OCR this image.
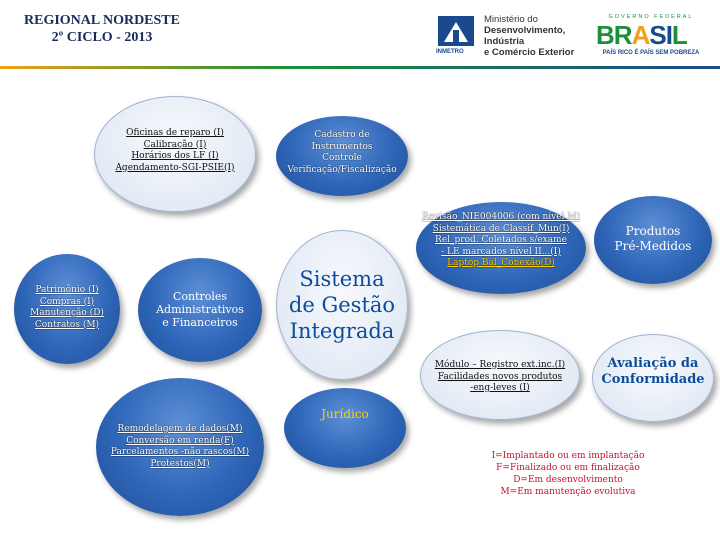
REGIONAL NORDESTE
2º CICLO - 2013
INMETRO
Ministério do
Desenvolvimento, Indústria
e Comércio Exterior
GOVERNO FEDERAL
BRASIL
PAÍS RICO É PAÍS SEM POBREZA
Oficinas de reparo (I)
Calibração (I)
Horários dos LF (I)
Agendamento-SGI-PSIE(I)
Cadastro de
Instrumentos
Controle
Verificação/Fiscalização
Revisão_NIE004006 (com nível M)
Sistemática de Classif_Mun(I)
Rel_prod. Coletados s/exame
- LE marcados nível II...(I)
Laptop Bal_Conexão(D)
Produtos
Pré-Medidos
Patrimônio (I)
Compras (I)
Manutenção (D)
Contratos (M)
Controles
Administrativos
e Financeiros
Sistema
de Gestão
Integrada
Módulo – Registro ext.inc.(I)
Facilidades novos produtos
-eng-leves (I)
Avaliação da
Conformidade
Remodelagem de dados(M)
Conversão em renda(F)
Parcelamentos -não rascos(M)
Protestos(M)
Jurídico
I=Implantado ou em implantação
F=Finalizado ou em finalização
D=Em desenvolvimento
M=Em manutenção evolutiva
